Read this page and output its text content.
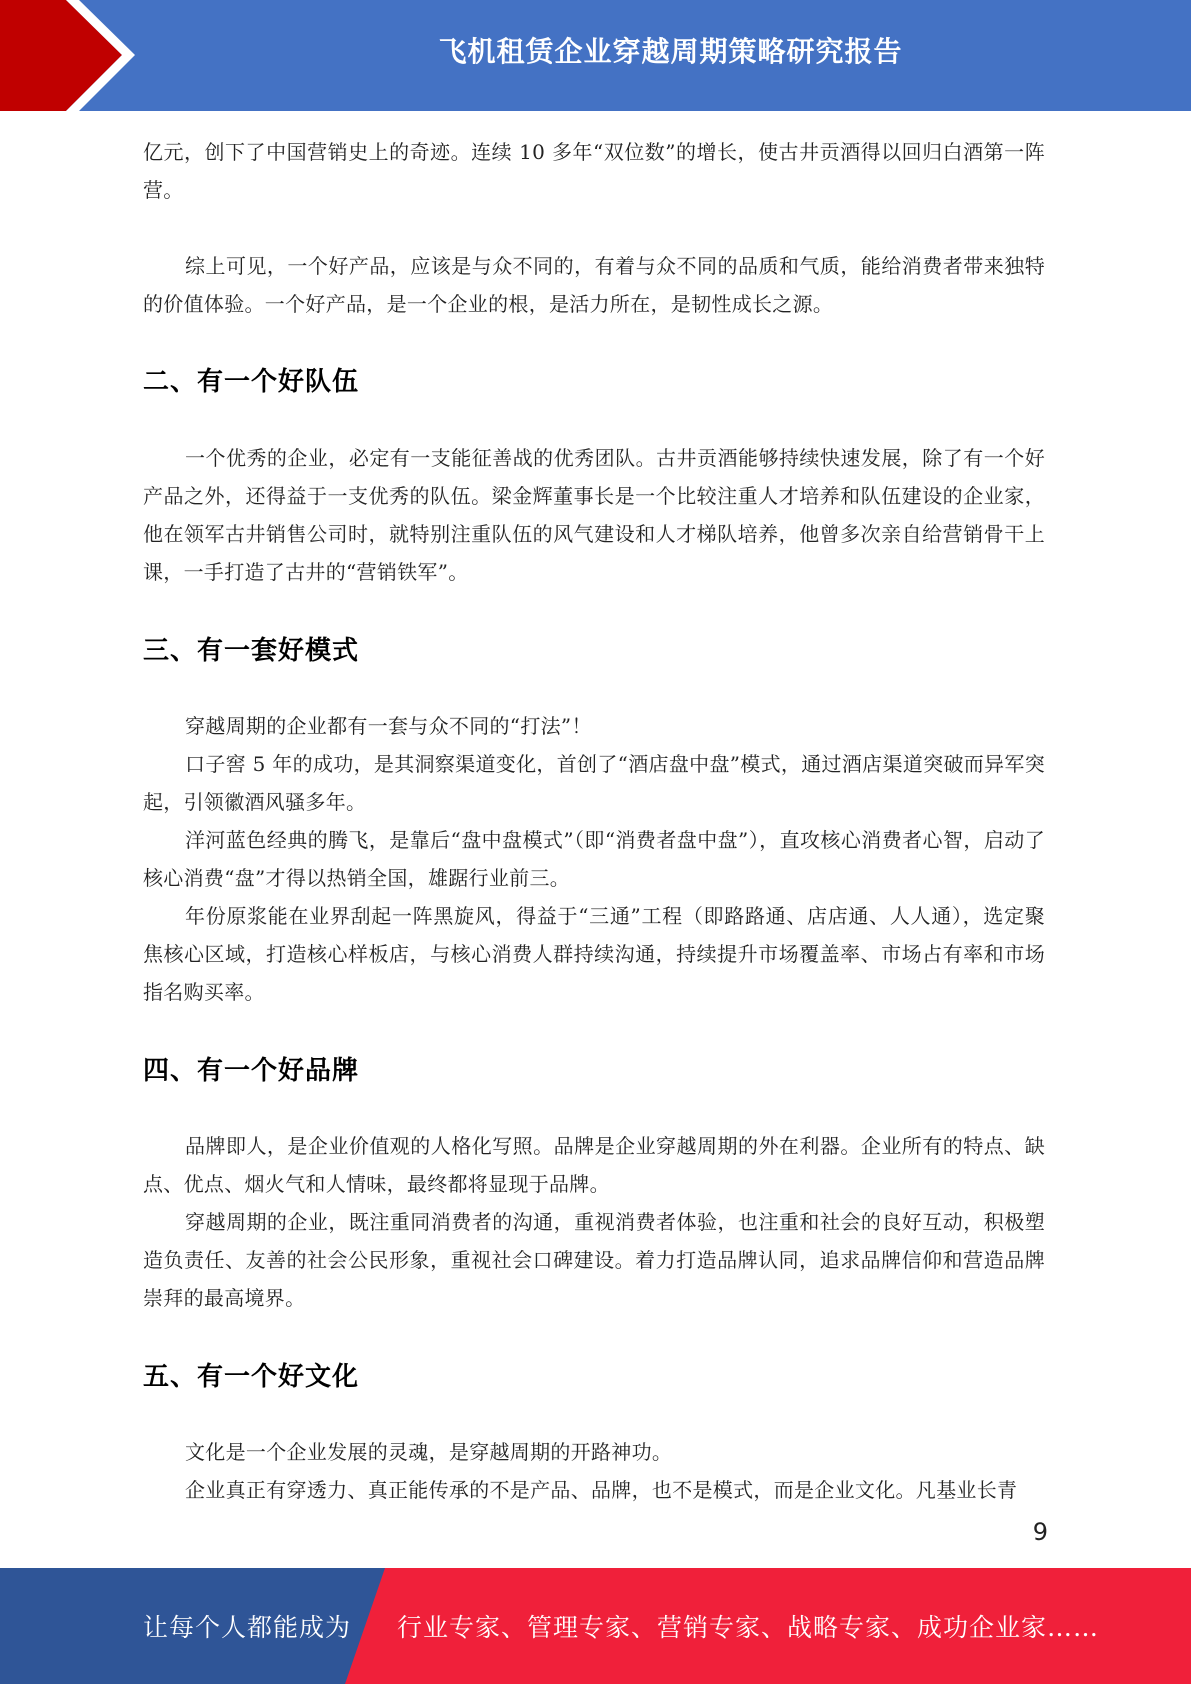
飞机租赁企业穿越周期策略研究报告

亿元，创下了中国营销史上的奇迹。连续 10 多年“双位数”的增长，使古井贡酒得以回归白酒第一阵营。

综上可见，一个好产品，应该是与众不同的，有着与众不同的品质和气质，能给消费者带来独特的价值体验。一个好产品，是一个企业的根，是活力所在，是韧性成长之源。

二、有一个好队伍

一个优秀的企业，必定有一支能征善战的优秀团队。古井贡酒能够持续快速发展，除了有一个好产品之外，还得益于一支优秀的队伍。梁金辉董事长是一个比较注重人才培养和队伍建设的企业家，他在领军古井销售公司时，就特别注重队伍的风气建设和人才梯队培养，他曾多次亲自给营销骨干上课，一手打造了古井的“营销铁军”。

三、有一套好模式

穿越周期的企业都有一套与众不同的“打法”！

口子窖 5 年的成功，是其洞察渠道变化，首创了“酒店盘中盘”模式，通过酒店渠道突破而异军突起，引领徽酒风骚多年。

洋河蓝色经典的腾飞，是靠后“盘中盘模式”（即“消费者盘中盘”），直攻核心消费者心智，启动了核心消费“盘”才得以热销全国，雄踞行业前三。

年份原浆能在业界刮起一阵黑旋风，得益于“三通”工程（即路路通、店店通、人人通），选定聚焦核心区域，打造核心样板店，与核心消费人群持续沟通，持续提升市场覆盖率、市场占有率和市场指名购买率。

四、有一个好品牌

品牌即人，是企业价值观的人格化写照。品牌是企业穿越周期的外在利器。企业所有的特点、缺点、优点、烟火气和人情味，最终都将显现于品牌。

穿越周期的企业，既注重同消费者的沟通，重视消费者体验，也注重和社会的良好互动，积极塑造负责任、友善的社会公民形象，重视社会口碑建设。着力打造品牌认同，追求品牌信仰和营造品牌崇拜的最高境界。

五、有一个好文化

文化是一个企业发展的灵魂，是穿越周期的开路神功。

企业真正有穿透力、真正能传承的不是产品、品牌，也不是模式，而是企业文化。凡基业长青

9
让每个人都能成为 行业专家、管理专家、营销专家、战略专家、成功企业家……
